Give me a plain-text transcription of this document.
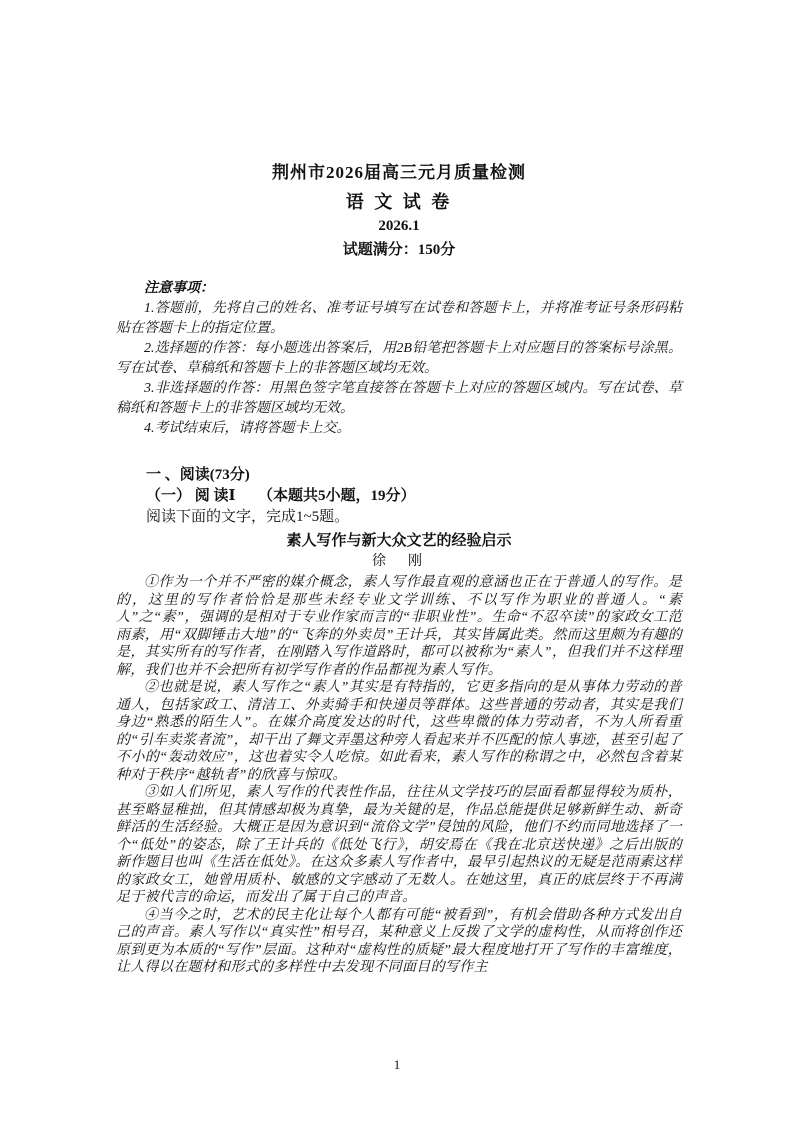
荆州市2026届高三元月质量检测
语 文 试 卷
2026.1
试题满分：150分
注意事项：

1.答题前，先将自己的姓名、准考证号填写在试卷和答题卡上，并将准考证号条形码粘贴在答题卡上的指定位置。

2.选择题的作答：每小题选出答案后，用2B铅笔把答题卡上对应题目的答案标号涂黑。写在试卷、草稿纸和答题卡上的非答题区域均无效。

3.非选择题的作答：用黑色签字笔直接答在答题卡上对应的答题区域内。写在试卷、草稿纸和答题卡上的非答题区域均无效。

4.考试结束后，请将答题卡上交。

一 、阅读(73分)
（一） 阅 读Ⅰ　　（本题共5小题，19分）
阅读下面的文字，完成1~5题。
素人写作与新大众文艺的经验启示
徐　刚

①作为一个并不严密的媒介概念，素人写作最直观的意涵也正在于普通人的写作。是的，这里的写作者恰恰是那些未经专业文学训练、不以写作为职业的普通人。“素人”之“素”，强调的是相对于专业作家而言的“非职业性”。生命“不忍卒读”的家政女工范雨素，用“双脚锤击大地”的“飞奔的外卖员”王计兵，其实皆属此类。然而这里颇为有趣的是，其实所有的写作者，在刚踏入写作道路时，都可以被称为“素人”，但我们并不这样理解，我们也并不会把所有初学写作者的作品都视为素人写作。

②也就是说，素人写作之“素人”其实是有特指的，它更多指向的是从事体力劳动的普通人，包括家政工、清洁工、外卖骑手和快递员等群体。这些普通的劳动者，其实是我们身边“熟悉的陌生人”。在媒介高度发达的时代，这些卑微的体力劳动者，不为人所看重的“引车卖浆者流”，却干出了舞文弄墨这种旁人看起来并不匹配的惊人事迹，甚至引起了不小的“轰动效应”，这也着实令人吃惊。如此看来，素人写作的称谓之中，必然包含着某种对于秩序“越轨者”的欣喜与惊叹。

③如人们所见，素人写作的代表性作品，往往从文学技巧的层面看都显得较为质朴，甚至略显稚拙，但其情感却极为真挚，最为关键的是，作品总能提供足够新鲜生动、新奇鲜活的生活经验。大概正是因为意识到“流俗文学”侵蚀的风险，他们不约而同地选择了一个“低处”的姿态，除了王计兵的《低处飞行》，胡安焉在《我在北京送快递》之后出版的新作题目也叫《生活在低处》。在这众多素人写作者中，最早引起热议的无疑是范雨素这样的家政女工，她曾用质朴、敏感的文字感动了无数人。在她这里，真正的底层终于不再满足于被代言的命运，而发出了属于自己的声音。

④当今之时，艺术的民主化让每个人都有可能“被看到”，有机会借助各种方式发出自己的声音。素人写作以“真实性”相号召，某种意义上反拨了文学的虚构性，从而将创作还原到更为本质的“写作”层面。这种对“虚构性的质疑”最大程度地打开了写作的丰富维度，让人得以在题材和形式的多样性中去发现不同面目的写作主

1
